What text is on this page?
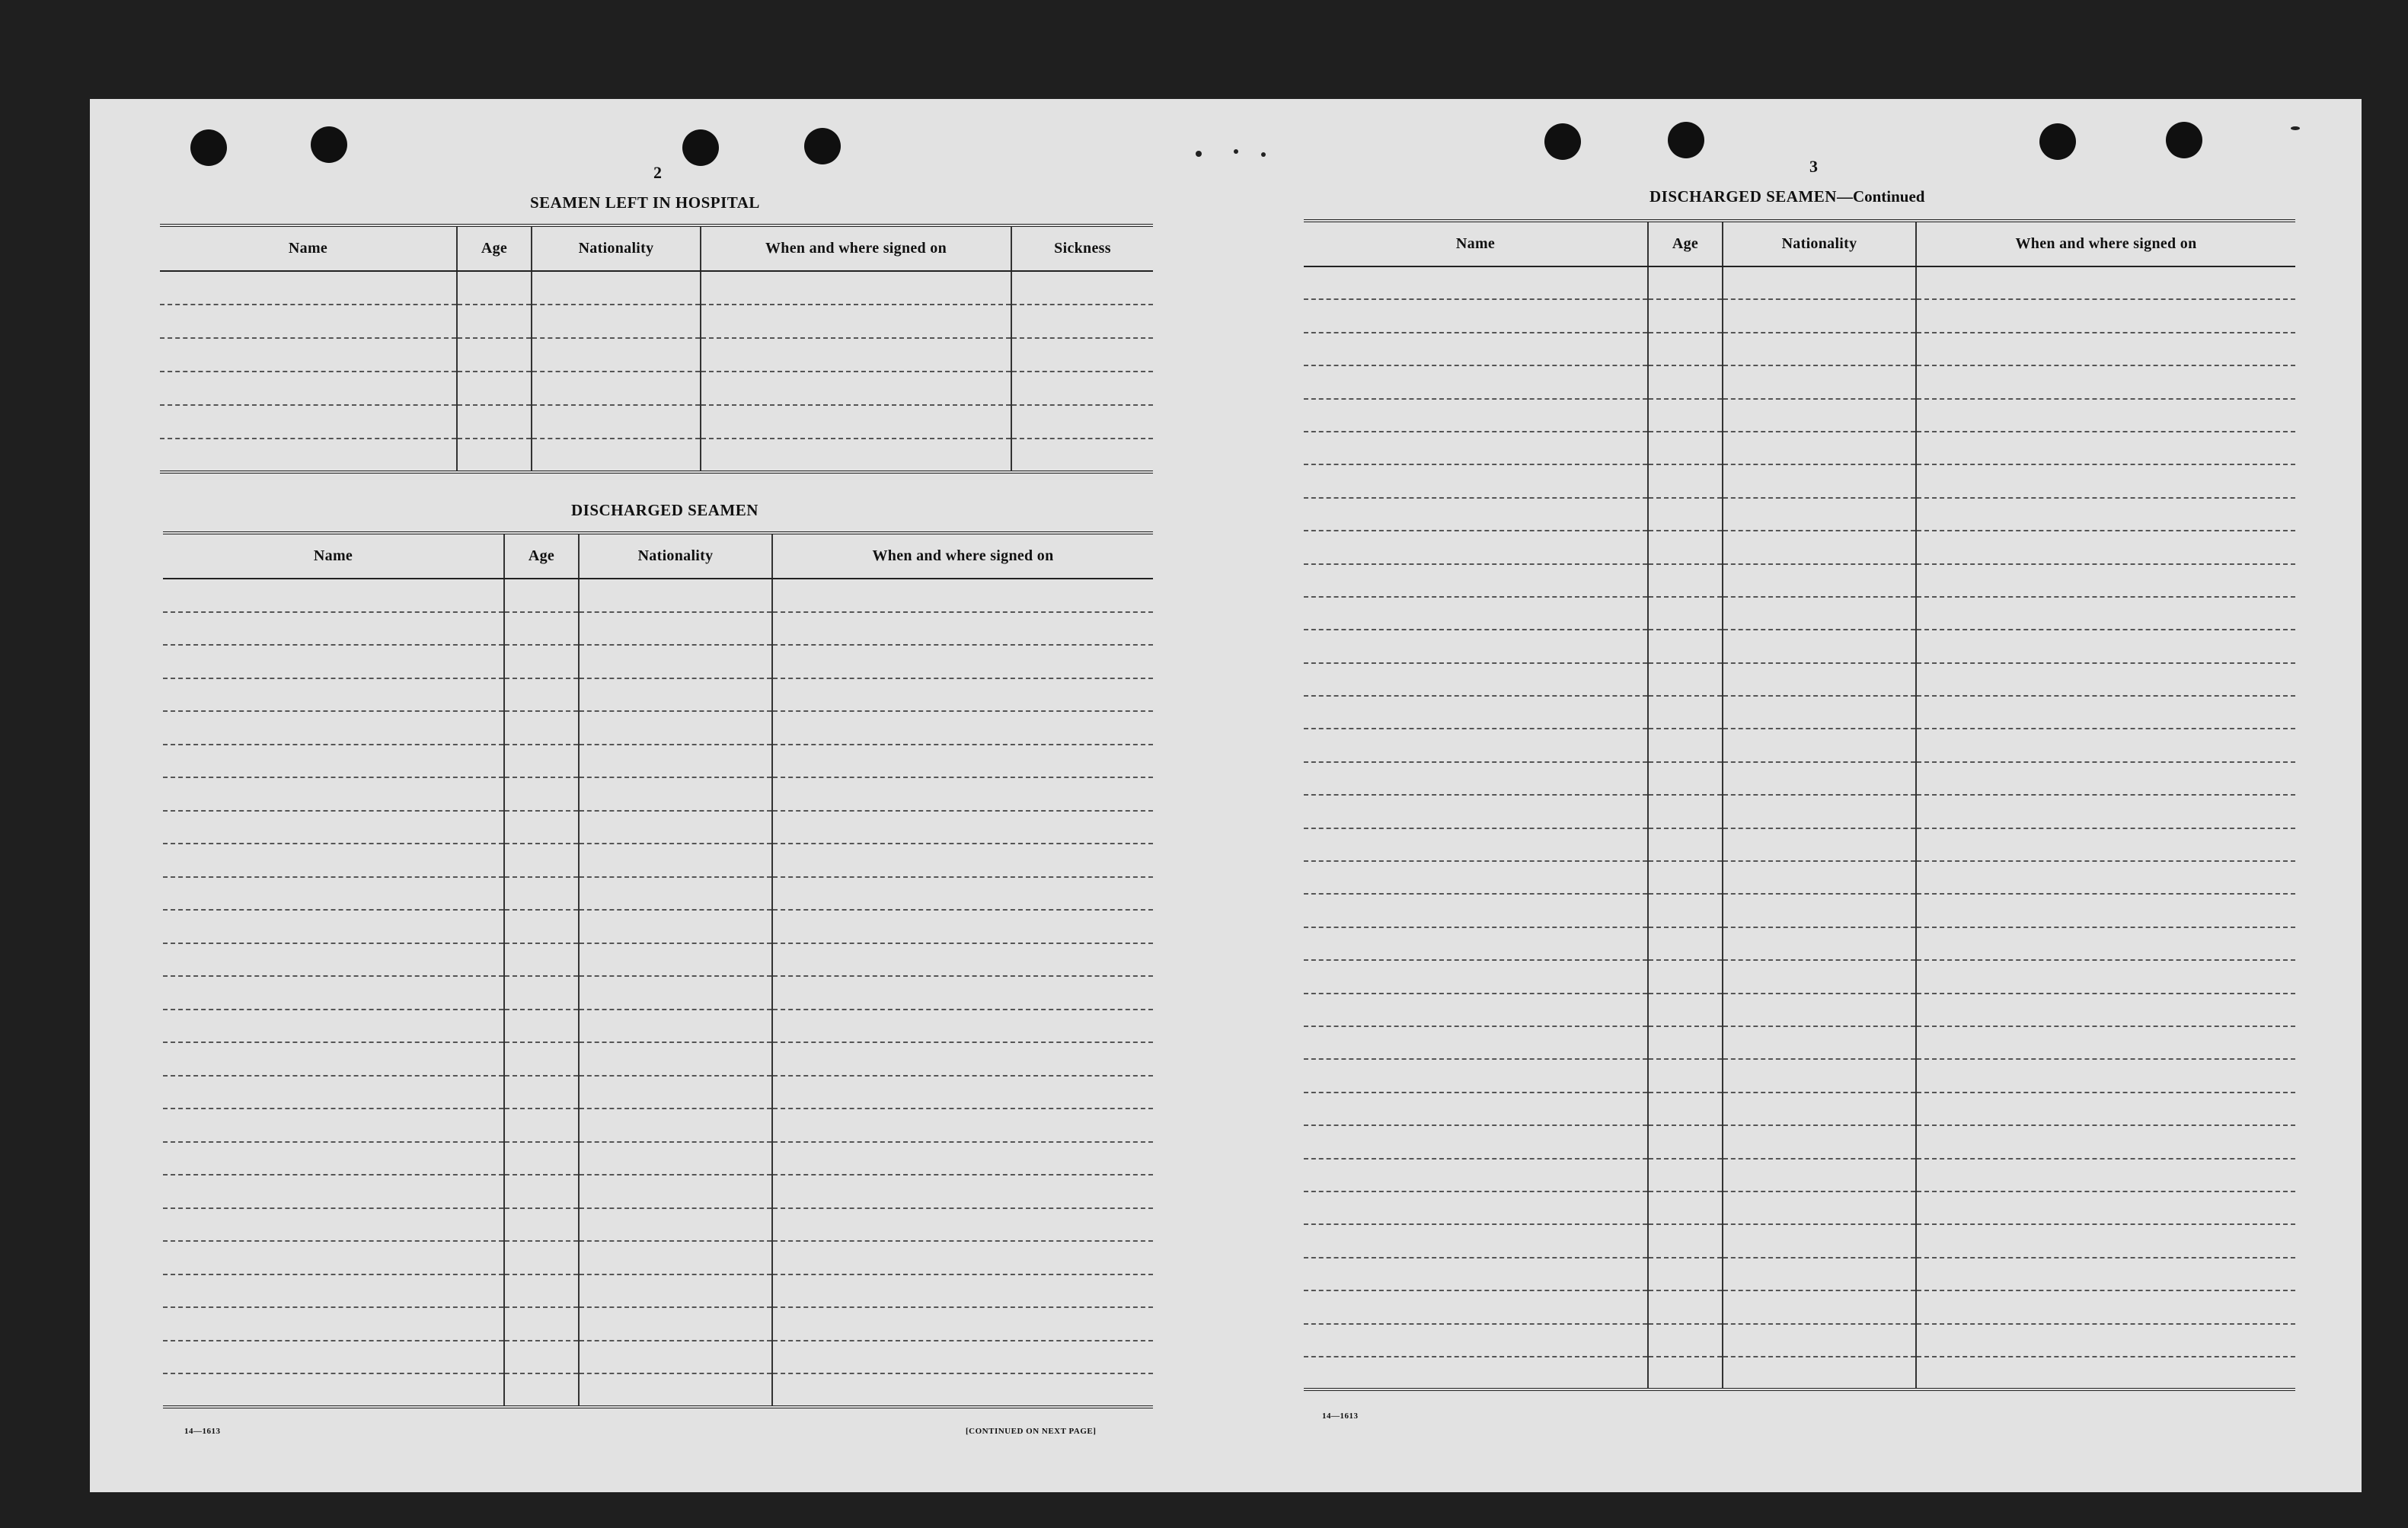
2
SEAMEN LEFT IN HOSPITAL
Name	Age	Nationality	When and where signed on	Sickness

DISCHARGED SEAMEN
Name	Age	Nationality	When and where signed on

14—1613	[CONTINUED ON NEXT PAGE]
3
DISCHARGED SEAMEN—Continued
Name	Age	Nationality	When and where signed on

14—1613
